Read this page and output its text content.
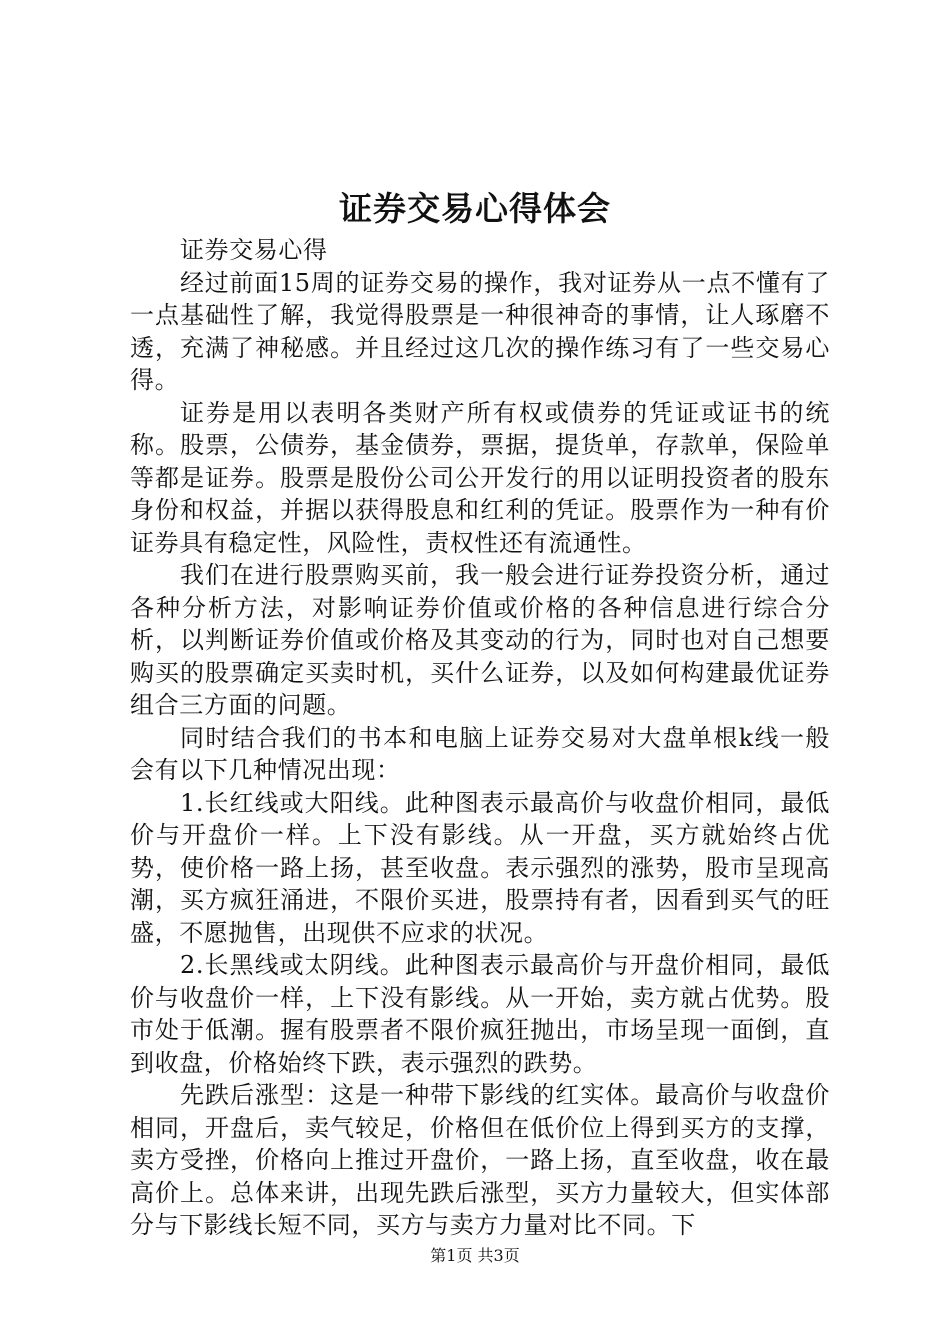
证券交易心得体会

证券交易心得

经过前面15周的证券交易的操作，我对证券从一点不懂有了一点基础性了解，我觉得股票是一种很神奇的事情，让人琢磨不透，充满了神秘感。并且经过这几次的操作练习有了一些交易心得。

证券是用以表明各类财产所有权或债券的凭证或证书的统称。股票，公债券，基金债券，票据，提货单，存款单，保险单等都是证券。股票是股份公司公开发行的用以证明投资者的股东身份和权益，并据以获得股息和红利的凭证。股票作为一种有价证券具有稳定性，风险性，责权性还有流通性。

我们在进行股票购买前，我一般会进行证券投资分析，通过各种分析方法，对影响证券价值或价格的各种信息进行综合分析，以判断证券价值或价格及其变动的行为，同时也对自己想要购买的股票确定买卖时机，买什么证券，以及如何构建最优证券组合三方面的问题。

同时结合我们的书本和电脑上证券交易对大盘单根k线一般会有以下几种情况出现：

1.长红线或大阳线。此种图表示最高价与收盘价相同，最低价与开盘价一样。上下没有影线。从一开盘，买方就始终占优势，使价格一路上扬，甚至收盘。表示强烈的涨势，股市呈现高潮，买方疯狂涌进，不限价买进，股票持有者，因看到买气的旺盛，不愿抛售，出现供不应求的状况。

2.长黑线或太阴线。此种图表示最高价与开盘价相同，最低价与收盘价一样，上下没有影线。从一开始，卖方就占优势。股市处于低潮。握有股票者不限价疯狂抛出，市场呈现一面倒，直到收盘，价格始终下跌，表示强烈的跌势。

先跌后涨型：这是一种带下影线的红实体。最高价与收盘价相同，开盘后，卖气较足，价格但在低价位上得到买方的支撑，卖方受挫，价格向上推过开盘价，一路上扬，直至收盘，收在最高价上。总体来讲，出现先跌后涨型，买方力量较大，但实体部分与下影线长短不同，买方与卖方力量对比不同。下

第1页 共3页
